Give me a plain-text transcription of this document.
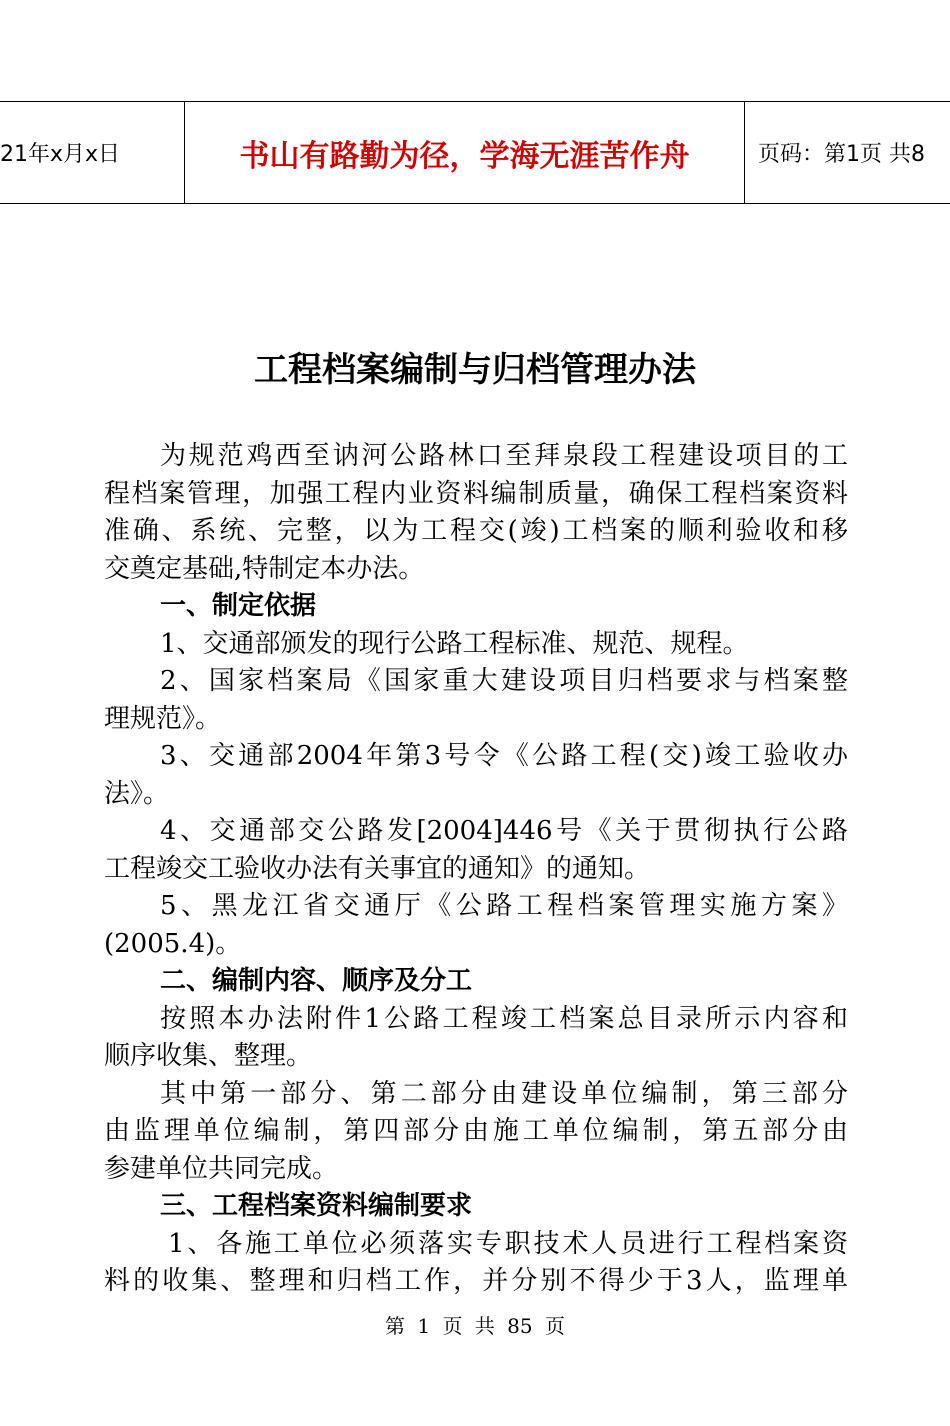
21年x月x日	书山有路勤为径，学海无涯苦作舟	页码：第1页 共8
工程档案编制与归档管理办法
为规范鸡西至讷河公路林口至拜泉段工程建设项目的工
程档案管理，加强工程内业资料编制质量，确保工程档案资料
准确、系统、完整，以为工程交(竣)工档案的顺利验收和移
交奠定基础,特制定本办法。
一、制定依据
1、交通部颁发的现行公路工程标准、规范、规程。
2、国家档案局《国家重大建设项目归档要求与档案整
理规范》。
3、交通部2004年第3号令《公路工程(交)竣工验收办
法》。
4、交通部交公路发[2004]446号《关于贯彻执行公路
工程竣交工验收办法有关事宜的通知》的通知。
5、黑龙江省交通厅《公路工程档案管理实施方案》
(2005.4)。
二、编制内容、顺序及分工
按照本办法附件1公路工程竣工档案总目录所示内容和
顺序收集、整理。
其中第一部分、第二部分由建设单位编制，第三部分
由监理单位编制，第四部分由施工单位编制，第五部分由
参建单位共同完成。
三、工程档案资料编制要求
1、各施工单位必须落实专职技术人员进行工程档案资
料的收集、整理和归档工作，并分别不得少于3人，监理单
第 1 页 共 85 页
